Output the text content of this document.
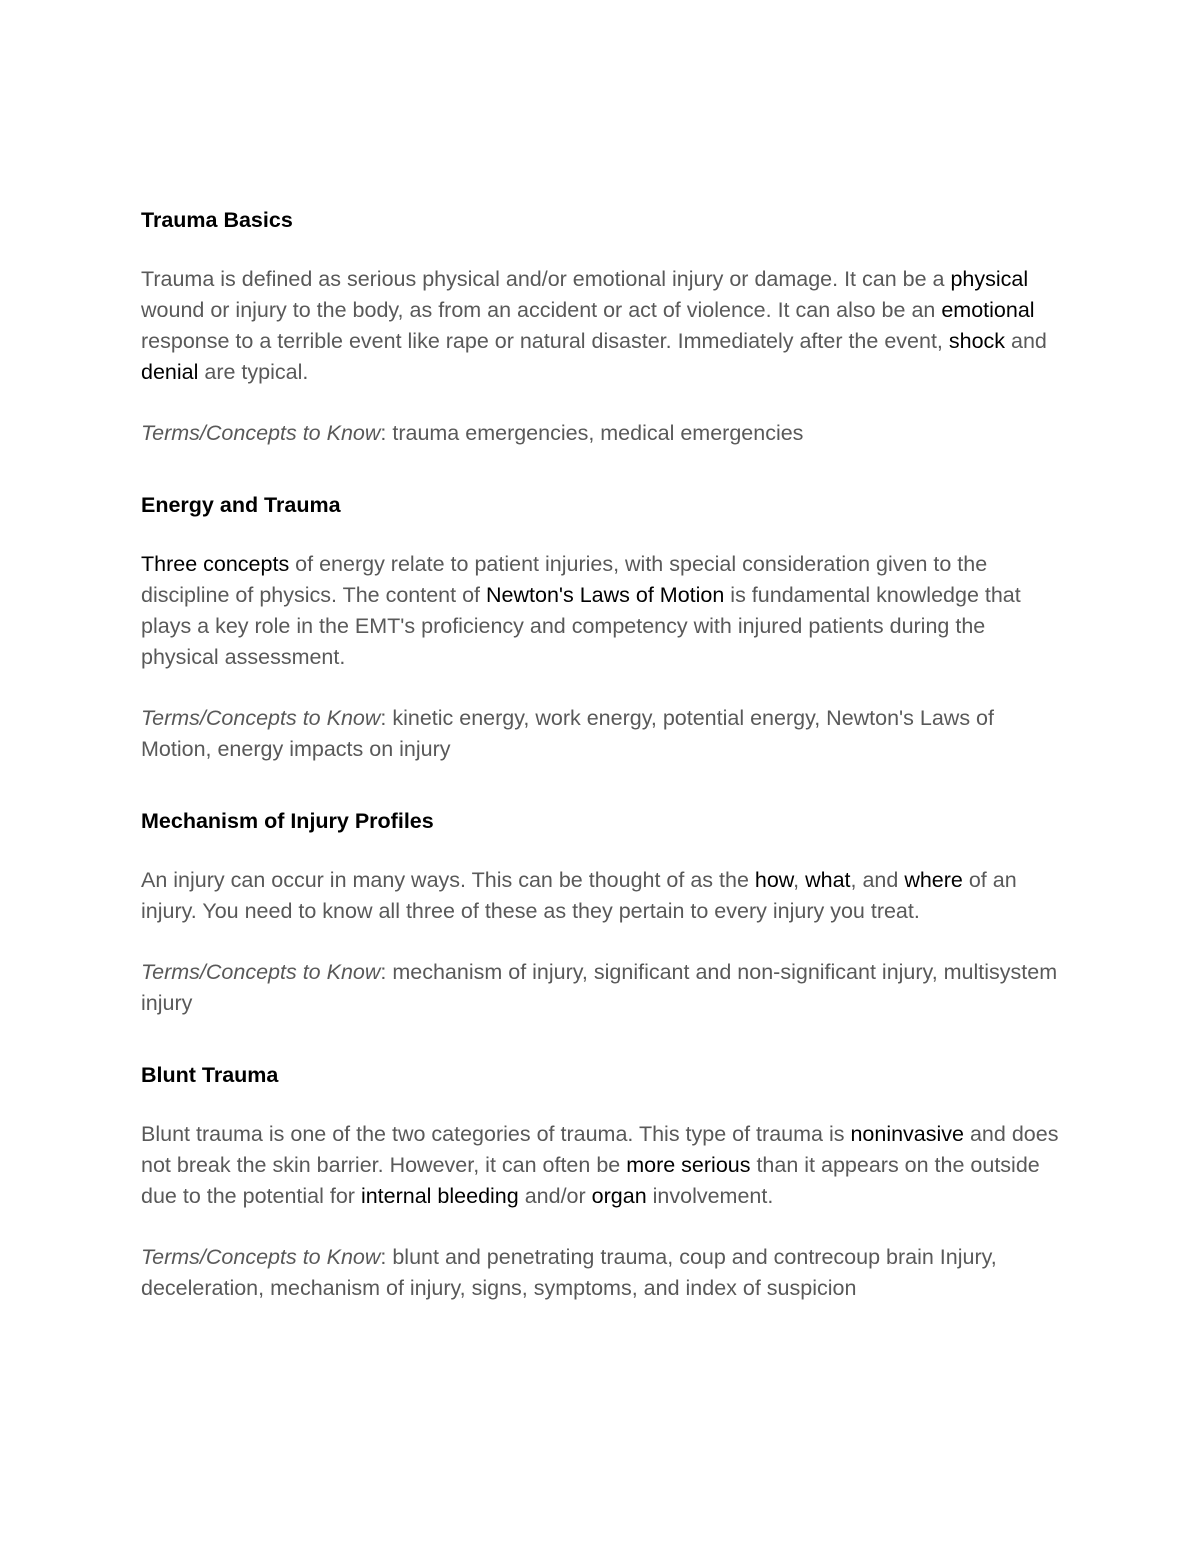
Trauma Basics

Trauma is defined as serious physical and/or emotional injury or damage. It can be a physical wound or injury to the body, as from an accident or act of violence. It can also be an emotional response to a terrible event like rape or natural disaster. Immediately after the event, shock and denial are typical.

Terms/Concepts to Know: trauma emergencies, medical emergencies

Energy and Trauma

Three concepts of energy relate to patient injuries, with special consideration given to the discipline of physics. The content of Newton's Laws of Motion is fundamental knowledge that plays a key role in the EMT's proficiency and competency with injured patients during the physical assessment.

Terms/Concepts to Know: kinetic energy, work energy, potential energy, Newton's Laws of Motion, energy impacts on injury

Mechanism of Injury Profiles

An injury can occur in many ways. This can be thought of as the how, what, and where of an injury. You need to know all three of these as they pertain to every injury you treat.

Terms/Concepts to Know: mechanism of injury, significant and non-significant injury, multisystem injury

Blunt Trauma

Blunt trauma is one of the two categories of trauma. This type of trauma is noninvasive and does not break the skin barrier. However, it can often be more serious than it appears on the outside due to the potential for internal bleeding and/or organ involvement.

Terms/Concepts to Know: blunt and penetrating trauma, coup and contrecoup brain Injury, deceleration, mechanism of injury, signs, symptoms, and index of suspicion
